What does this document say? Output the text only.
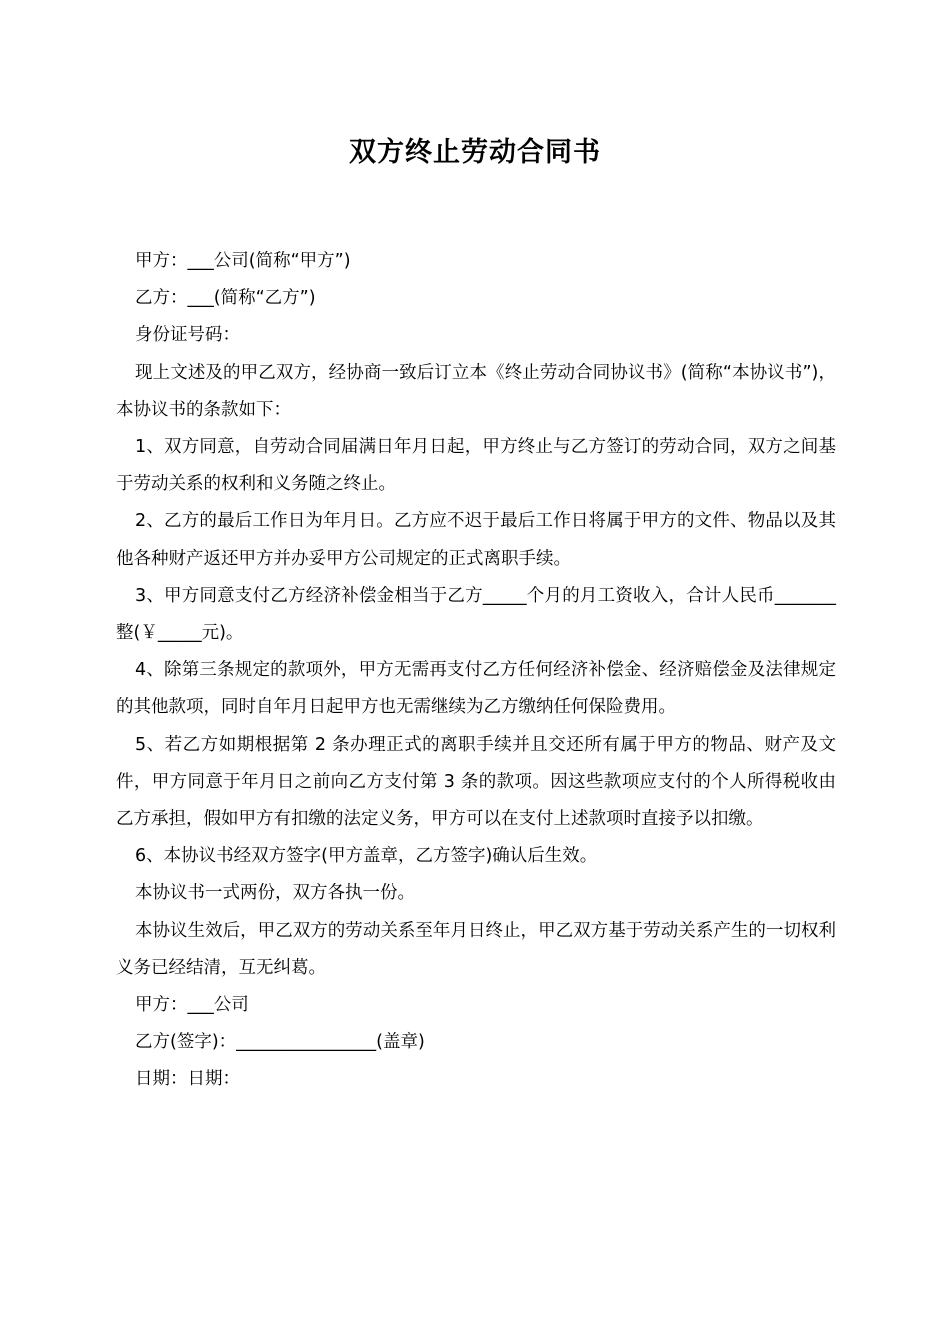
双方终止劳动合同书

甲方：___公司(简称“甲方”)

乙方：___(简称“乙方”)

身份证号码：

现上文述及的甲乙双方，经协商一致后订立本《终止劳动合同协议书》(简称“本协议书”)，本协议书的条款如下：

1、双方同意，自劳动合同届满日年月日起，甲方终止与乙方签订的劳动合同，双方之间基于劳动关系的权利和义务随之终止。

2、乙方的最后工作日为年月日。乙方应不迟于最后工作日将属于甲方的文件、物品以及其他各种财产返还甲方并办妥甲方公司规定的正式离职手续。

3、甲方同意支付乙方经济补偿金相当于乙方_____个月的月工资收入，合计人民币_______整(￥_____元)。

4、除第三条规定的款项外，甲方无需再支付乙方任何经济补偿金、经济赔偿金及法律规定的其他款项，同时自年月日起甲方也无需继续为乙方缴纳任何保险费用。

5、若乙方如期根据第 2 条办理正式的离职手续并且交还所有属于甲方的物品、财产及文件，甲方同意于年月日之前向乙方支付第 3 条的款项。因这些款项应支付的个人所得税收由乙方承担，假如甲方有扣缴的法定义务，甲方可以在支付上述款项时直接予以扣缴。

6、本协议书经双方签字(甲方盖章，乙方签字)确认后生效。

本协议书一式两份，双方各执一份。

本协议生效后，甲乙双方的劳动关系至年月日终止，甲乙双方基于劳动关系产生的一切权利义务已经结清，互无纠葛。

甲方：___公司

乙方(签字)：________________(盖章)

日期：日期：
